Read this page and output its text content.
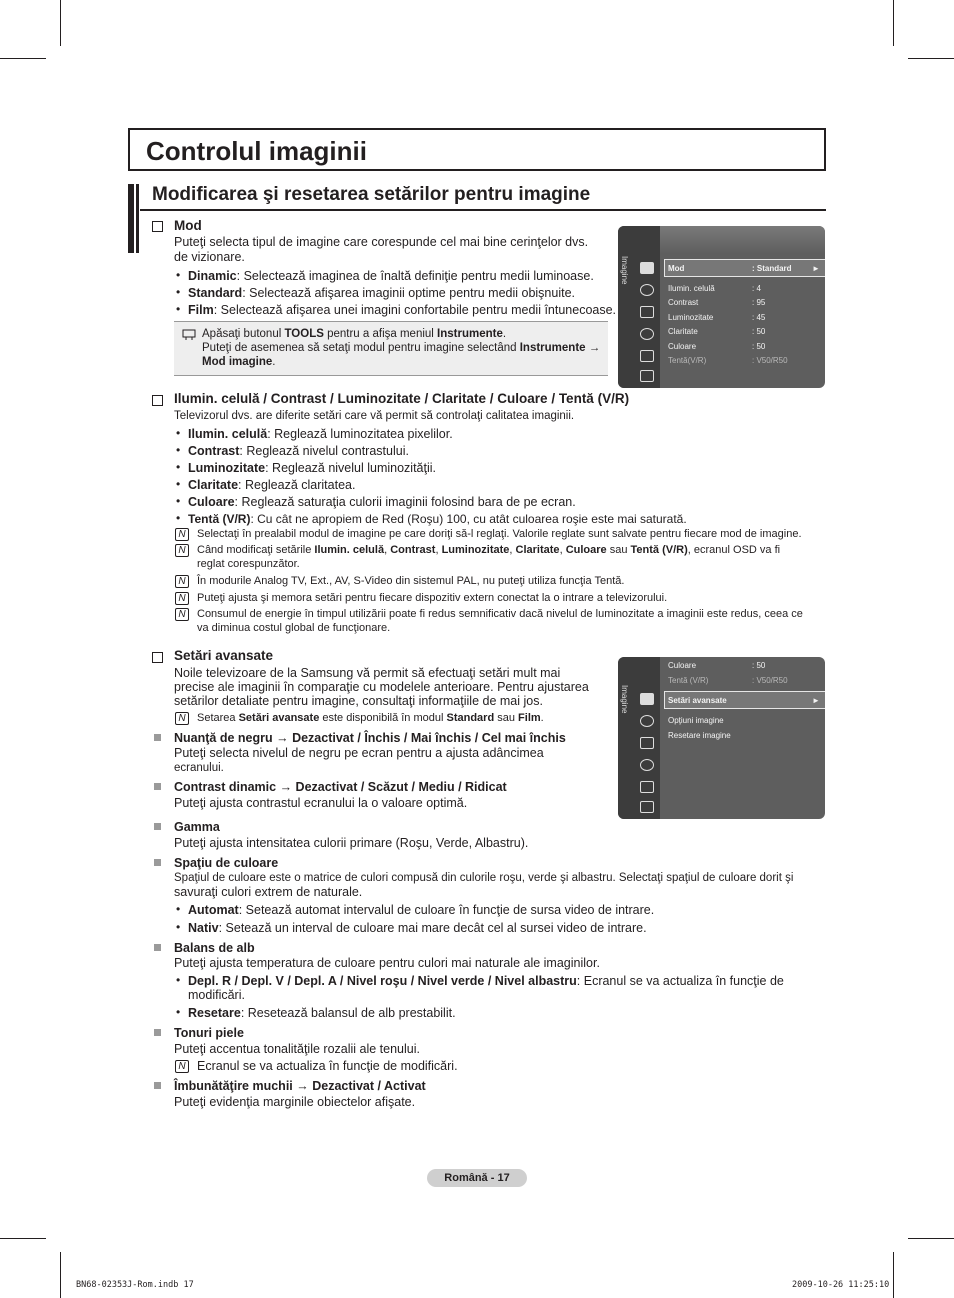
Controlul imaginii
Modificarea şi resetarea setărilor pentru imagine
Mod
Puteţi selecta tipul de imagine care corespunde cel mai bine cerinţelor dvs.
de vizionare.
• Dinamic: Selectează imaginea de înaltă definiţie pentru medii luminoase.
• Standard: Selectează afişarea imaginii optime pentru medii obişnuite.
• Film: Selectează afişarea unei imagini confortabile pentru medii întunecoase.
Apăsaţi butonul TOOLS pentru a afişa meniul Instrumente.
Puteţi de asemenea să setaţi modul pentru imagine selectând Instrumente →
Mod imagine.
Imagine	Mod	: Standard	►
Ilumin. celulă	: 4
Contrast	: 95
Luminozitate	: 45
Claritate	: 50
Culoare	: 50
Tentă(V/R)	: V50/R50
Ilumin. celulă / Contrast / Luminozitate / Claritate / Culoare / Tentă (V/R)
Televizorul dvs. are diferite setări care vă permit să controlaţi calitatea imaginii.
• Ilumin. celulă: Reglează luminozitatea pixelilor.
• Contrast: Reglează nivelul contrastului.
• Luminozitate: Reglează nivelul luminozităţii.
• Claritate: Reglează claritatea.
• Culoare: Reglează saturaţia culorii imaginii folosind bara de pe ecran.
• Tentă (V/R): Cu cât ne apropiem de Red (Roşu) 100, cu atât culoarea roşie este mai saturată.
N	Selectaţi în prealabil modul de imagine pe care doriţi să-l reglaţi. Valorile reglate sunt salvate pentru fiecare mod de imagine.
N	Când modificaţi setările Ilumin. celulă, Contrast, Luminozitate, Claritate, Culoare sau Tentă (V/R), ecranul OSD va fi
reglat corespunzător.
N	În modurile Analog TV, Ext., AV, S-Video din sistemul PAL, nu puteţi utiliza funcţia Tentă.
N	Puteţi ajusta şi memora setări pentru fiecare dispozitiv extern conectat la o intrare a televizorului.
N	Consumul de energie în timpul utilizării poate fi redus semnificativ dacă nivelul de luminozitate a imaginii este redus, ceea ce
va diminua costul global de funcţionare.
Setări avansate
Noile televizoare de la Samsung vă permit să efectuaţi setări mult mai
precise ale imaginii în comparaţie cu modelele anterioare. Pentru ajustarea
setărilor detaliate pentru imagine, consultaţi informaţiile de mai jos.
N	Setarea Setări avansate este disponibilă în modul Standard sau Film.
Nuanţă de negru → Dezactivat / Închis / Mai închis / Cel mai închis
Puteţi selecta nivelul de negru pe ecran pentru a ajusta adâncimea
ecranului.
Contrast dinamic → Dezactivat / Scăzut / Mediu / Ridicat
Puteţi ajusta contrastul ecranului la o valoare optimă.
Imagine
Culoare	: 50
Tentă (V/R)	: V50/R50
Setări avansate	►
Opţiuni imagine
Resetare imagine
Gamma
Puteţi ajusta intensitatea culorii primare (Roşu, Verde, Albastru).
Spaţiu de culoare
Spaţiul de culoare este o matrice de culori compusă din culorile roşu, verde şi albastru. Selectaţi spaţiul de culoare dorit şi
savuraţi culori extrem de naturale.
• Automat: Setează automat intervalul de culoare în funcţie de sursa video de intrare.
• Nativ: Setează un interval de culoare mai mare decât cel al sursei video de intrare.
Balans de alb
Puteţi ajusta temperatura de culoare pentru culori mai naturale ale imaginilor.
• Depl. R / Depl. V / Depl. A / Nivel roşu / Nivel verde / Nivel albastru: Ecranul se va actualiza în funcţie de
modificări.
• Resetare: Resetează balansul de alb prestabilit.
Tonuri piele
Puteţi accentua tonalităţile rozalii ale tenului.
N Ecranul se va actualiza în funcţie de modificări.
Îmbunătăţire muchii → Dezactivat / Activat
Puteţi evidenţia marginile obiectelor afişate.
Română - 17
BN68-02353J-Rom.indb 17	2009-10-26 11:25:10
